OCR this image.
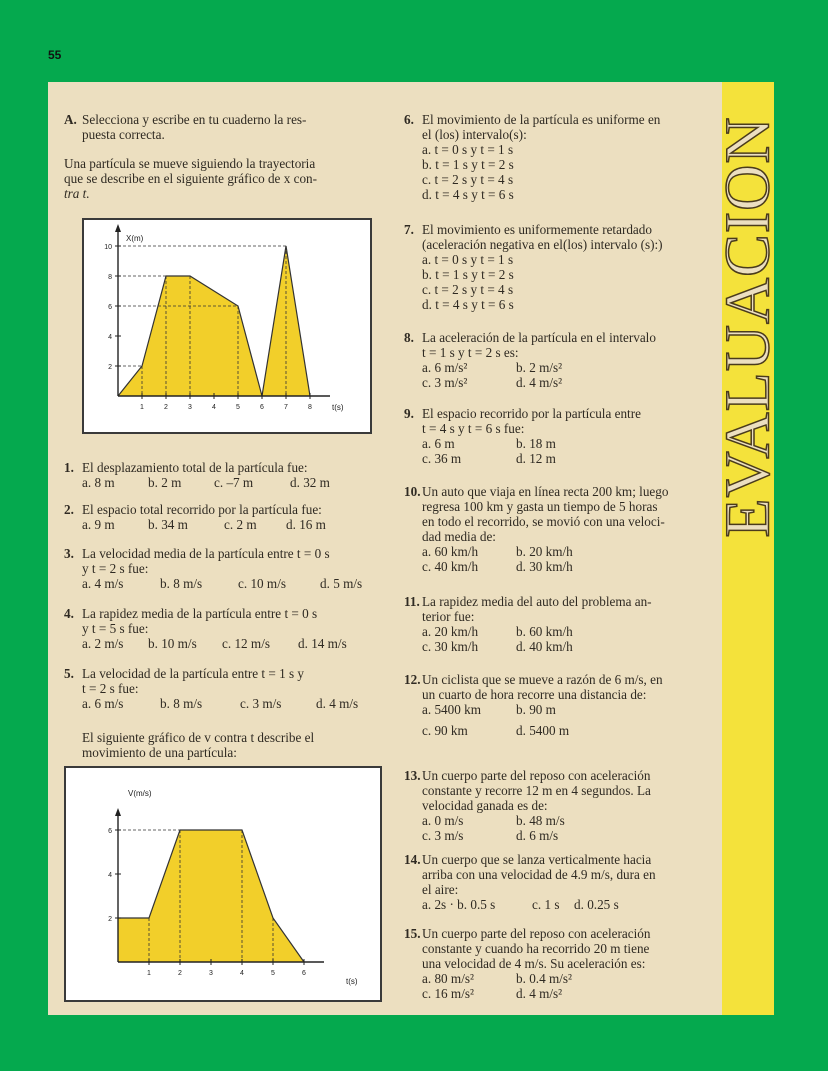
55
A. Selecciona y escribe en tu cuaderno la res-
puesta correcta.
Una partícula se mueve siguiendo la trayectoria
que se describe en el siguiente gráfico de x con-
tra t.
10
8
6
4
2
1	2	3	4	5	6	7	8
X(m)
t(s)
1. El desplazamiento total de la partícula fue:
a. 8 m	b. 2 m c. –7 m	d. 32 m
2. El espacio total recorrido por la partícula fue:
a. 9 m	b. 34 m	c. 2 m d. 16 m
3. La velocidad media de la partícula entre t = 0 s
y t = 2 s fue:
a. 4 m/s	b. 8 m/s	c. 10 m/s	d. 5 m/s
4. La rapidez media de la partícula entre t = 0 s
y t = 5 s fue:
a. 2 m/s b. 10 m/s c. 12 m/s d. 14 m/s
5. La velocidad de la partícula entre t = 1 s y
t = 2 s fue:
a. 6 m/s	b. 8 m/s	c. 3 m/s	d. 4 m/s
El siguiente gráfico de v contra t describe el
movimiento de una partícula:
6
4
2
1	2	3	4	5	6
V(m/s)
t(s)
6. El movimiento de la partícula es uniforme en
el (los) intervalo(s):
a. t = 0 s y t = 1 s
b. t = 1 s y t = 2 s
c. t = 2 s y t = 4 s
d. t = 4 s y t = 6 s
7. El movimiento es uniformemente retardado
(aceleración negativa en el(los) intervalo (s):)
a. t = 0 s y t = 1 s
b. t = 1 s y t = 2 s
c. t = 2 s y t = 4 s
d. t = 4 s y t = 6 s
8. La aceleración de la partícula en el intervalo
t = 1 s y t = 2 s es:
a. 6 m/s²	b. 2 m/s²
c. 3 m/s²	d. 4 m/s²
9. El espacio recorrido por la partícula entre
t = 4 s y t = 6 s fue:
a. 6 m	b. 18 m
c. 36 m	d. 12 m
10. Un auto que viaja en línea recta 200 km; luego
regresa 100 km y gasta un tiempo de 5 horas
en todo el recorrido, se movió con una veloci-
dad media de:
a. 60 km/h	b. 20 km/h
c. 40 km/h	d. 30 km/h
11. La rapidez media del auto del problema an-
terior fue:
a. 20 km/h	b. 60 km/h
c. 30 km/h	d. 40 km/h
12. Un ciclista que se mueve a razón de 6 m/s, en
un cuarto de hora recorre una distancia de:
a. 5400 km	b. 90 m
c. 90 km	d. 5400 m
13. Un cuerpo parte del reposo con aceleración
constante y recorre 12 m en 4 segundos. La
velocidad ganada es de:
a. 0 m/s	b. 48 m/s
c. 3 m/s	d. 6 m/s
14. Un cuerpo que se lanza verticalmente hacia
arriba con una velocidad de 4.9 m/s, dura en
el aire:
a. 2s · b. 0.5 s	c. 1 s d. 0.25 s
15. Un cuerpo parte del reposo con aceleración
constante y cuando ha recorrido 20 m tiene
una velocidad de 4 m/s. Su aceleración es:
a. 80 m/s²	b. 0.4 m/s²
c. 16 m/s²	d. 4 m/s²
EVALUACION
